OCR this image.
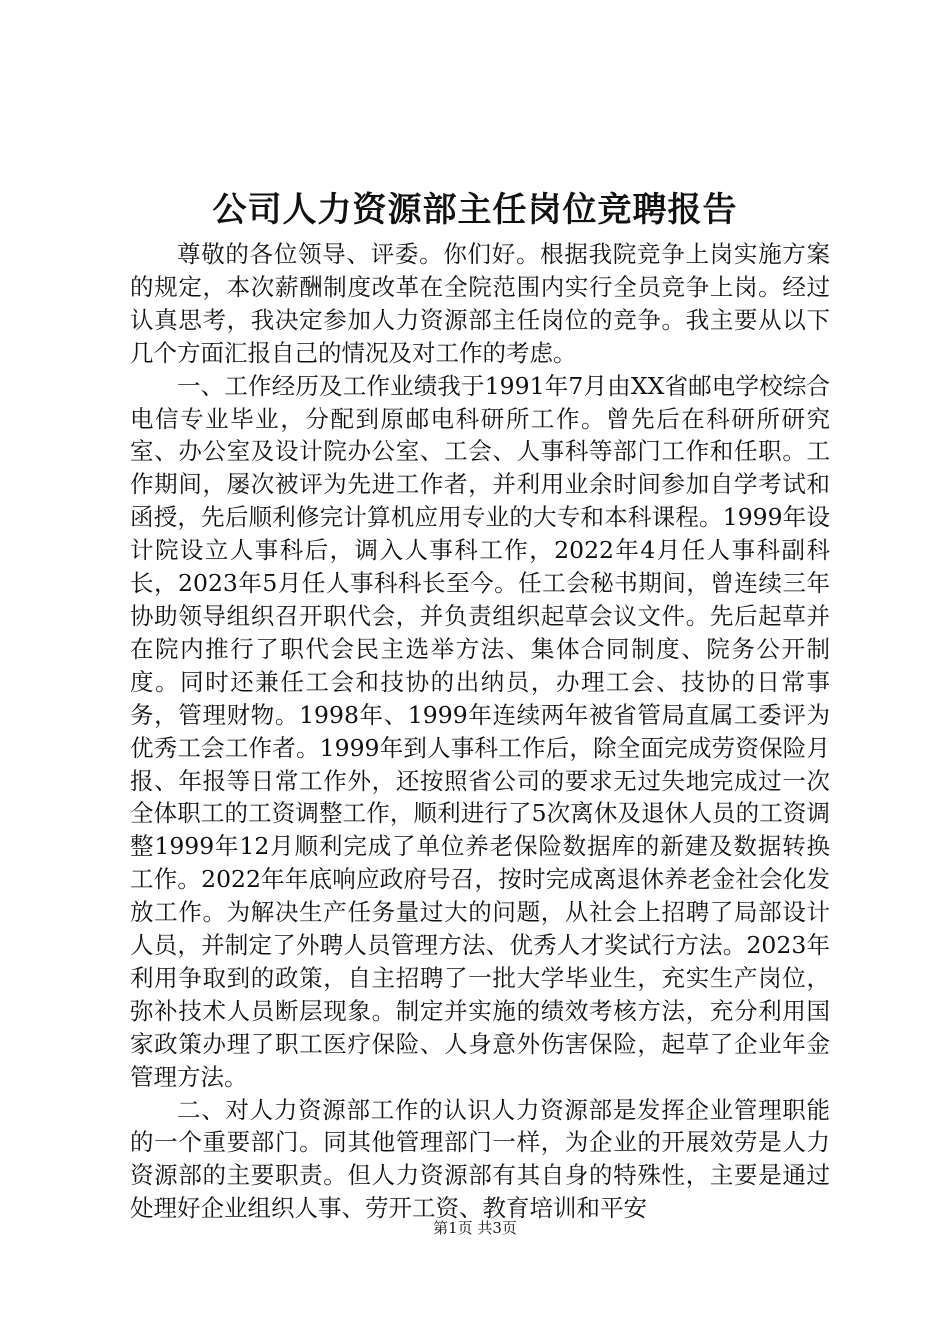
公司人力资源部主任岗位竞聘报告

尊敬的各位领导、评委。你们好。根据我院竞争上岗实施方案的规定，本次薪酬制度改革在全院范围内实行全员竞争上岗。经过认真思考，我决定参加人力资源部主任岗位的竞争。我主要从以下几个方面汇报自己的情况及对工作的考虑。

一、工作经历及工作业绩我于1991年7月由XX省邮电学校综合电信专业毕业，分配到原邮电科研所工作。曾先后在科研所研究室、办公室及设计院办公室、工会、人事科等部门工作和任职。工作期间，屡次被评为先进工作者，并利用业余时间参加自学考试和函授，先后顺利修完计算机应用专业的大专和本科课程。1999年设计院设立人事科后，调入人事科工作，2022年4月任人事科副科长，2023年5月任人事科科长至今。任工会秘书期间，曾连续三年协助领导组织召开职代会，并负责组织起草会议文件。先后起草并在院内推行了职代会民主选举方法、集体合同制度、院务公开制度。同时还兼任工会和技协的出纳员，办理工会、技协的日常事务，管理财物。1998年、1999年连续两年被省管局直属工委评为优秀工会工作者。1999年到人事科工作后，除全面完成劳资保险月报、年报等日常工作外，还按照省公司的要求无过失地完成过一次全体职工的工资调整工作，顺利进行了5次离休及退休人员的工资调整1999年12月顺利完成了单位养老保险数据库的新建及数据转换工作。2022年年底响应政府号召，按时完成离退休养老金社会化发放工作。为解决生产任务量过大的问题，从社会上招聘了局部设计人员，并制定了外聘人员管理方法、优秀人才奖试行方法。2023年利用争取到的政策，自主招聘了一批大学毕业生，充实生产岗位，弥补技术人员断层现象。制定并实施的绩效考核方法，充分利用国家政策办理了职工医疗保险、人身意外伤害保险，起草了企业年金管理方法。

二、对人力资源部工作的认识人力资源部是发挥企业管理职能的一个重要部门。同其他管理部门一样，为企业的开展效劳是人力资源部的主要职责。但人力资源部有其自身的特殊性，主要是通过处理好企业组织人事、劳开工资、教育培训和平安

第1页 共3页
